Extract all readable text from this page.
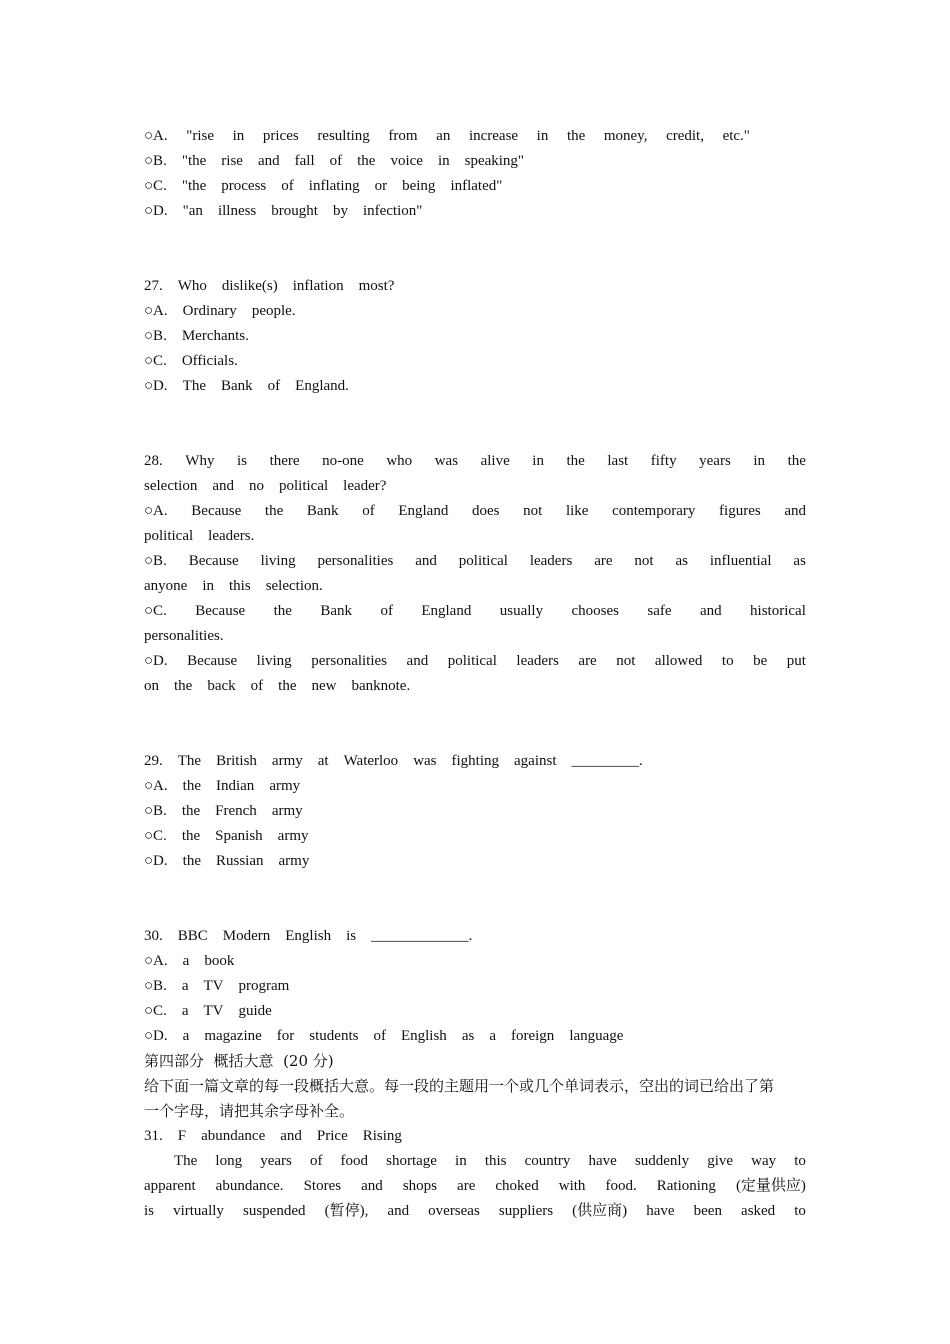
○A. "rise in prices resulting from an increase in the money, credit, etc."
○B. "the rise and fall of the voice in speaking"
○C. "the process of inflating or being inflated"
○D. "an illness brought by infection"
27. Who dislike(s) inflation most?
○A. Ordinary people.
○B. Merchants.
○C. Officials.
○D. The Bank of England.
28. Why is there no-one who was alive in the last fifty years in the
selection and no political leader?
○A. Because the Bank of England does not like contemporary figures and
political leaders.
○B. Because living personalities and political leaders are not as influential as
anyone in this selection.
○C. Because the Bank of England usually chooses safe and historical
personalities.
○D. Because living personalities and political leaders are not allowed to be put
on the back of the new banknote.
29. The British army at Waterloo was fighting against _________.
○A. the Indian army
○B. the French army
○C. the Spanish army
○D. the Russian army
30. BBC Modern English is _____________.
○A. a book
○B. a TV program
○C. a TV guide
○D. a magazine for students of English as a foreign language
第四部分  概括大意  (20 分)
给下面一篇文章的每一段概括大意。每一段的主题用一个或几个单词表示，空出的词已给出了第
一个字母，请把其余字母补全。
31. F abundance and Price Rising
The long years of food shortage in this country have suddenly give way to
apparent abundance. Stores and shops are choked with food. Rationing (定量供应)
is virtually suspended (暂停), and overseas suppliers (供应商) have been asked to
